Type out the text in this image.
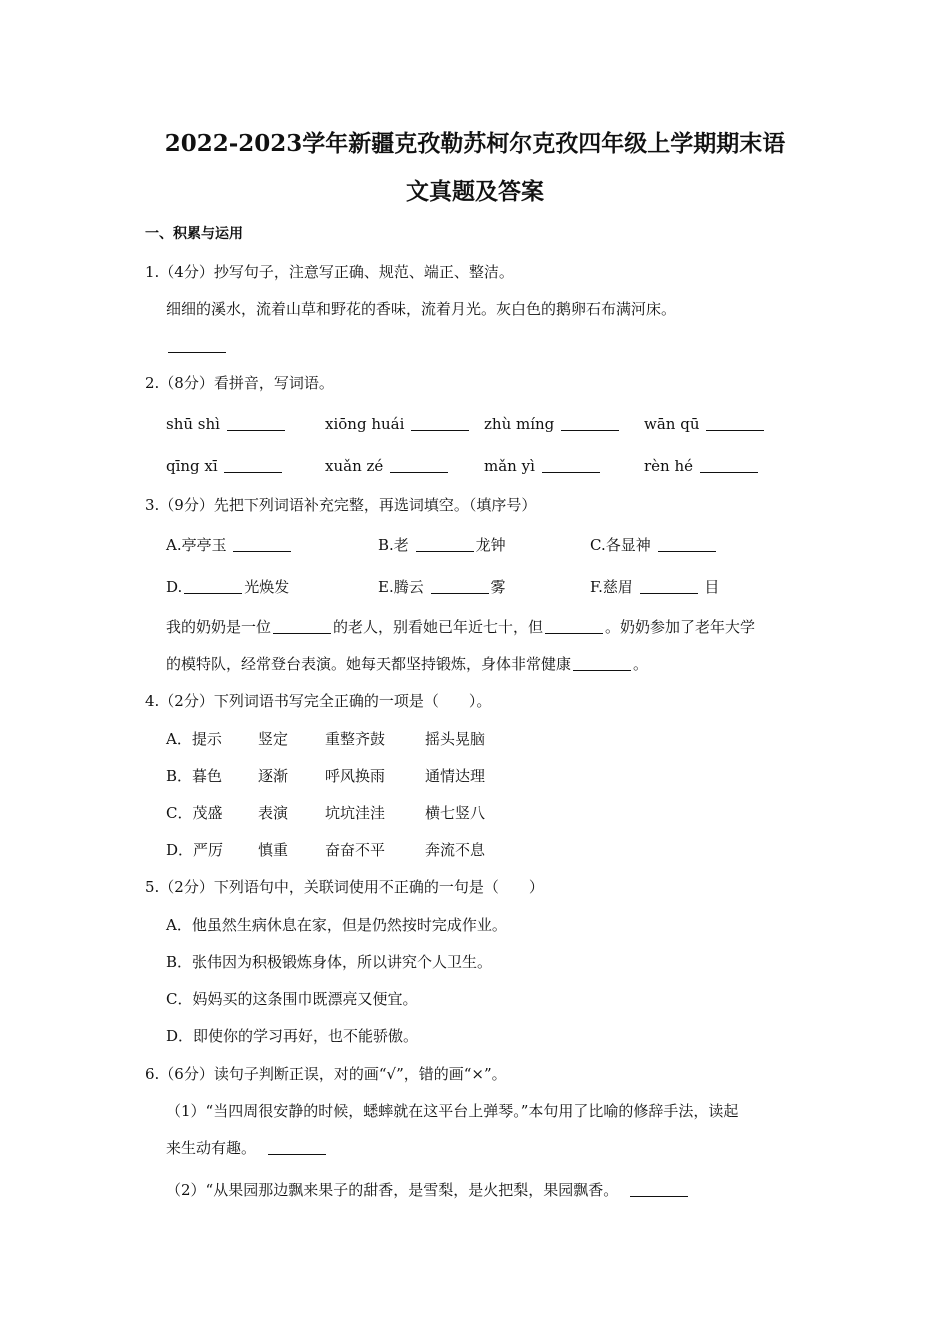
2022-2023学年新疆克孜勒苏柯尔克孜四年级上学期期末语
文真题及答案
一、积累与运用
1.（4分）抄写句子，注意写正确、规范、端正、整洁。
细细的溪水，流着山草和野花的香味，流着月光。灰白色的鹅卵石布满河床。
2.（8分）看拼音，写词语。
shū shì	xiōng huái	zhù míng	wān qū
qīng xī	xuǎn zé	mǎn yì	rèn hé
3.（9分）先把下列词语补充完整，再选词填空。（填序号）
A.亭亭玉	B.老	龙钟	C.各显神
D.	光焕发	E.腾云	雾	F.慈眉	目
我的奶奶是一位	的老人，别看她已年近七十，但	。奶奶参加了老年大学
的模特队，经常登台表演。她每天都坚持锻炼，身体非常健康	。
4.（2分）下列词语书写完全正确的一项是（　　）。
A．提示 竖定 重整齐鼓	摇头晃脑
B．暮色 逐渐 呼风换雨	通情达理
C．茂盛 表演 坑坑洼洼	横七竖八
D．严厉 慎重 奋奋不平	奔流不息
5.（2分）下列语句中，关联词使用不正确的一句是（　　）
A．他虽然生病休息在家，但是仍然按时完成作业。
B．张伟因为积极锻炼身体，所以讲究个人卫生。
C．妈妈买的这条围巾既漂亮又便宜。
D．即使你的学习再好，也不能骄傲。
6.（6分）读句子判断正误，对的画“√”，错的画“×”。
（1）“当四周很安静的时候，蟋蟀就在这平台上弹琴。”本句用了比喻的修辞手法，读起
来生动有趣。
（2）“从果园那边飘来果子的甜香，是雪梨，是火把梨，果园飘香。
